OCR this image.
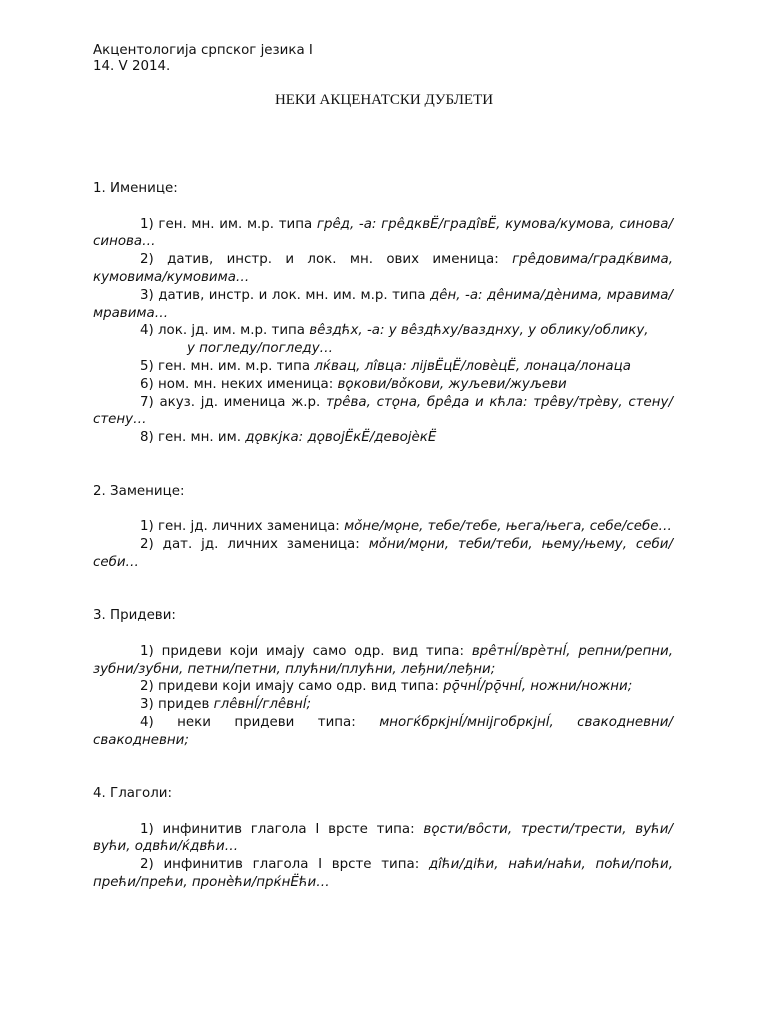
Акцентологија српског језика I
14. V 2014.
НЕКИ АКЦЕНАТСКИ ДУБЛЕТИ
1. Именице:
1) ген. мн. им. м.р. типа грêд, -а: грêдквЁ/градîвЁ, кумова/кумова, синова/синова…
2) датив, инстр. и лок. мн. ових именица: грêдовима/градќвима, кумовима/кумовима…
3) датив, инстр. и лок. мн. им. м.р. типа дêн, -а: дêнима/дèнима, мравима/мравима…
4) лок. јд. им. м.р. типа вêздћх, -а: у вêздћху/вазднху, у облику/облику,
у погледу/погледу…
5) ген. мн. им. м.р. типа лќвац, лîвца: лiјвЁцЁ/ловèцЁ, лонаца/лонаца
6) ном. мн. неких именица: вǫкови/вǒкови, жуљеви/жуљеви
7) акуз. јд. именица ж.р. трêва, стǫна, брêда и кћла: трêву/трèву, стену/стену…
8) ген. мн. им. дǫвкјка: дǫвојЁкЁ/девојèкЁ
2. Заменице:
1) ген. јд. личних заменица: мǒне/мǫне, тебе/тебе, њега/њега, себе/себе…
2) дат. јд. личних заменица: мǒни/мǫни, теби/теби, њему/њему, себи/себи…
3. Придеви:
1) придеви који имају само одр. вид типа: врêтнĺ/врèтнĺ, репни/репни, зубни/зубни, петни/петни, плућни/плућни, леђни/леђни;
2) придеви који имају само одр. вид типа: рǭчнĺ/рǭчнĺ, ножни/ножни;
3) придев глêвнĺ/глêвнĺ;
4) неки придеви типа: многќбркјнĺ/мнiјгобркјнĺ, свакодневни/свакодневни;
4. Глаголи:
1) инфинитив глагола I врсте типа: вǫсти/вȏсти, трести/трести, вући/вући, одвћи/ќдвћи…
2) инфинитив глагола I врсте типа: дîћи/дiћи, наћи/наћи, поћи/поћи, прећи/прећи, пронèћи/прќнЁћи…
